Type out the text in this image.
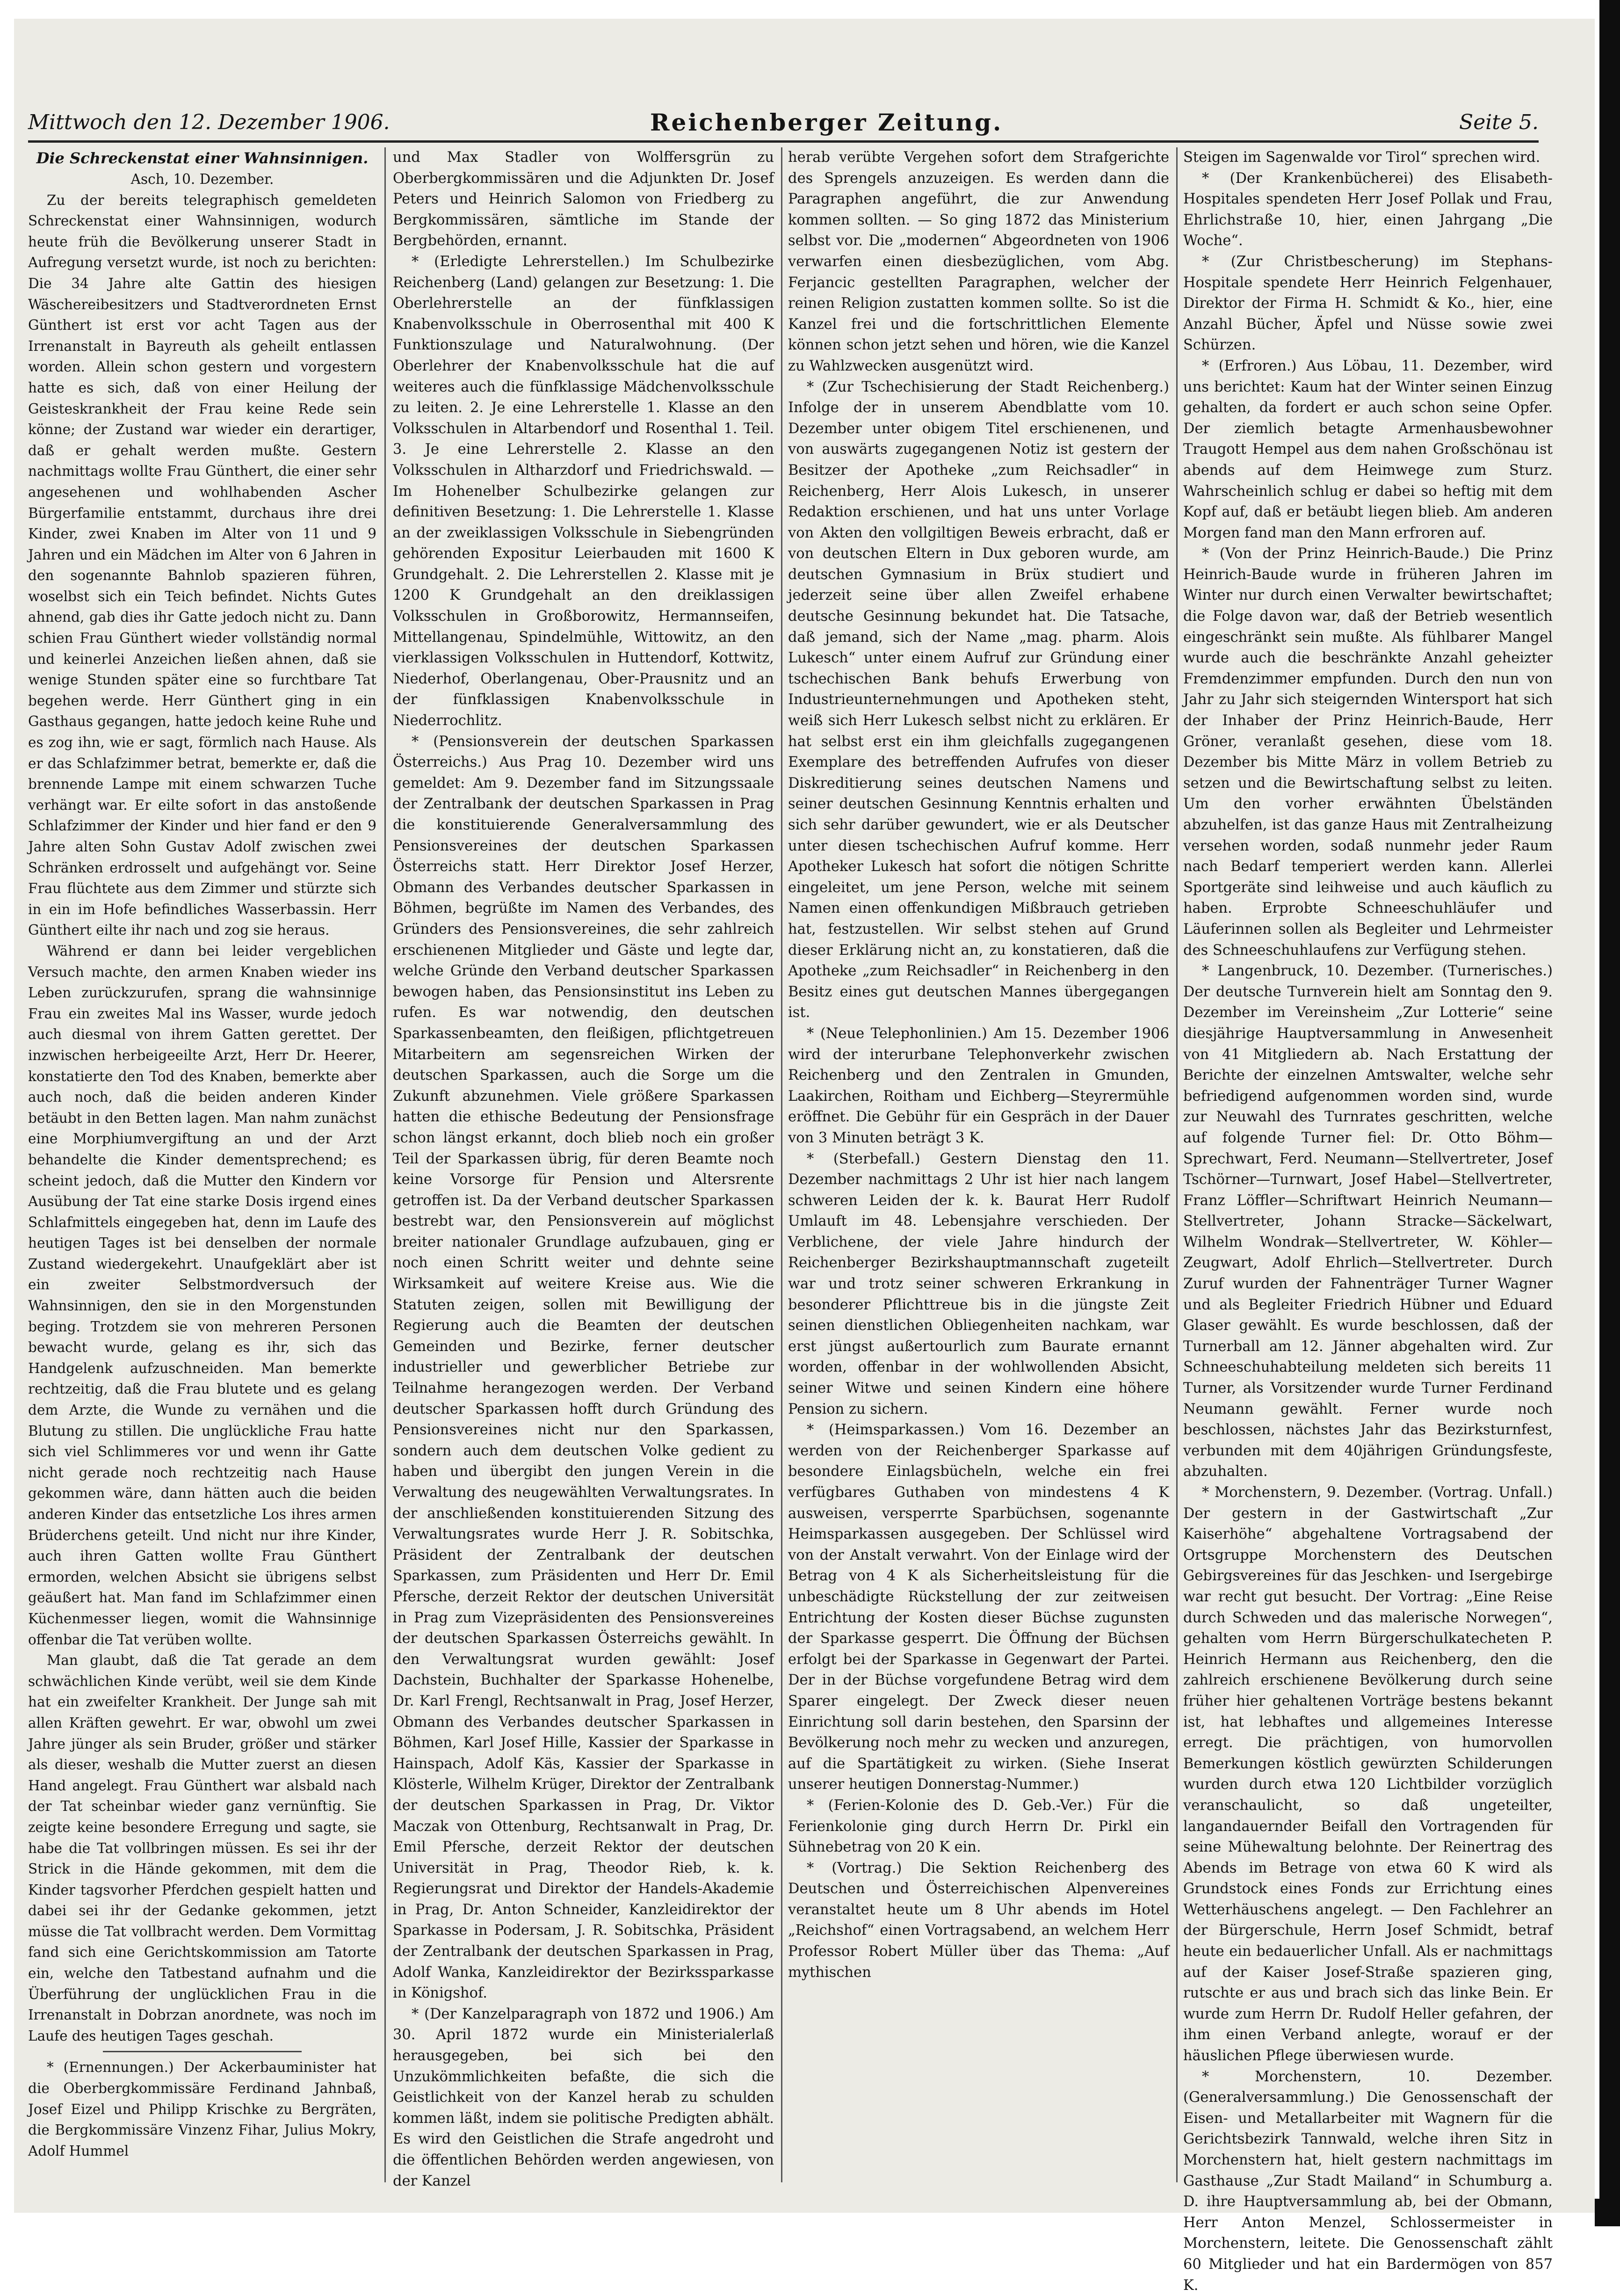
Mittwoch den 12. Dezember 1906.	Reichenberger Zeitung.	Seite 5.
Die Schreckenstat einer Wahnsinnigen.

Asch, 10. Dezember.

Zu der bereits telegraphisch gemeldeten Schreckenstat einer Wahnsinnigen, wodurch heute früh die Bevölkerung unserer Stadt in Aufregung versetzt wurde, ist noch zu berichten: Die 34 Jahre alte Gattin des hiesigen Wäschereibesitzers und Stadtverordneten Ernst Günthert ist erst vor acht Tagen aus der Irrenanstalt in Bayreuth als geheilt entlassen worden. Allein schon gestern und vorgestern hatte es sich, daß von einer Heilung der Geisteskrankheit der Frau keine Rede sein könne; der Zustand war wieder ein derartiger, daß er gehalt werden mußte. Gestern nachmittags wollte Frau Günthert, die einer sehr angesehenen und wohlhabenden Ascher Bürgerfamilie entstammt, durchaus ihre drei Kinder, zwei Knaben im Alter von 11 und 9 Jahren und ein Mädchen im Alter von 6 Jahren in den sogenannte Bahnlob spazieren führen, woselbst sich ein Teich befindet. Nichts Gutes ahnend, gab dies ihr Gatte jedoch nicht zu. Dann schien Frau Günthert wieder vollständig normal und keinerlei Anzeichen ließen ahnen, daß sie wenige Stunden später eine so furchtbare Tat begehen werde. Herr Günthert ging in ein Gasthaus gegangen, hatte jedoch keine Ruhe und es zog ihn, wie er sagt, förmlich nach Hause. Als er das Schlafzimmer betrat, bemerkte er, daß die brennende Lampe mit einem schwarzen Tuche verhängt war. Er eilte sofort in das anstoßende Schlafzimmer der Kinder und hier fand er den 9 Jahre alten Sohn Gustav Adolf zwischen zwei Schränken erdrosselt und aufgehängt vor. Seine Frau flüchtete aus dem Zimmer und stürzte sich in ein im Hofe befindliches Wasserbassin. Herr Günthert eilte ihr nach und zog sie heraus.

Während er dann bei leider vergeblichen Versuch machte, den armen Knaben wieder ins Leben zurückzurufen, sprang die wahnsinnige Frau ein zweites Mal ins Wasser, wurde jedoch auch diesmal von ihrem Gatten gerettet. Der inzwischen herbeigeeilte Arzt, Herr Dr. Heerer, konstatierte den Tod des Knaben, bemerkte aber auch noch, daß die beiden anderen Kinder betäubt in den Betten lagen. Man nahm zunächst eine Morphiumvergiftung an und der Arzt behandelte die Kinder dementsprechend; es scheint jedoch, daß die Mutter den Kindern vor Ausübung der Tat eine starke Dosis irgend eines Schlafmittels eingegeben hat, denn im Laufe des heutigen Tages ist bei denselben der normale Zustand wiedergekehrt. Unaufgeklärt aber ist ein zweiter Selbstmordversuch der Wahnsinnigen, den sie in den Morgenstunden beging. Trotzdem sie von mehreren Personen bewacht wurde, gelang es ihr, sich das Handgelenk aufzuschneiden. Man bemerkte rechtzeitig, daß die Frau blutete und es gelang dem Arzte, die Wunde zu vernähen und die Blutung zu stillen. Die unglückliche Frau hatte sich viel Schlimmeres vor und wenn ihr Gatte nicht gerade noch rechtzeitig nach Hause gekommen wäre, dann hätten auch die beiden anderen Kinder das entsetzliche Los ihres armen Brüderchens geteilt. Und nicht nur ihre Kinder, auch ihren Gatten wollte Frau Günthert ermorden, welchen Absicht sie übrigens selbst geäußert hat. Man fand im Schlafzimmer einen Küchenmesser liegen, womit die Wahnsinnige offenbar die Tat verüben wollte.

Man glaubt, daß die Tat gerade an dem schwächlichen Kinde verübt, weil sie dem Kinde hat ein zweifelter Krankheit. Der Junge sah mit allen Kräften gewehrt. Er war, obwohl um zwei Jahre jünger als sein Bruder, größer und stärker als dieser, weshalb die Mutter zuerst an diesen Hand angelegt. Frau Günthert war alsbald nach der Tat scheinbar wieder ganz vernünftig. Sie zeigte keine besondere Erregung und sagte, sie habe die Tat vollbringen müssen. Es sei ihr der Strick in die Hände gekommen, mit dem die Kinder tagsvorher Pferdchen gespielt hatten und dabei sei ihr der Gedanke gekommen, jetzt müsse die Tat vollbracht werden. Dem Vormittag fand sich eine Gerichtskommission am Tatorte ein, welche den Tatbestand aufnahm und die Überführung der unglücklichen Frau in die Irrenanstalt in Dobrzan anordnete, was noch im Laufe des heutigen Tages geschah.

* (Ernennungen.) Der Ackerbauminister hat die Oberbergkommissäre Ferdinand Jahnbaß, Josef Eizel und Philipp Krischke zu Bergräten, die Bergkommissäre Vinzenz Fihar, Julius Mokry, Adolf Hummel

und Max Stadler von Wolffersgrün zu Oberbergkommissären und die Adjunkten Dr. Josef Peters und Heinrich Salomon von Friedberg zu Bergkommissären, sämtliche im Stande der Bergbehörden, ernannt.

* (Erledigte Lehrerstellen.) Im Schulbezirke Reichenberg (Land) gelangen zur Besetzung: 1. Die Oberlehrerstelle an der fünfklassigen Knabenvolksschule in Oberrosenthal mit 400 K Funktionszulage und Naturalwohnung. (Der Oberlehrer der Knabenvolksschule hat die auf weiteres auch die fünfklassige Mädchenvolksschule zu leiten. 2. Je eine Lehrerstelle 1. Klasse an den Volksschulen in Altarbendorf und Rosenthal 1. Teil. 3. Je eine Lehrerstelle 2. Klasse an den Volksschulen in Altharzdorf und Friedrichswald. — Im Hohenelber Schulbezirke gelangen zur definitiven Besetzung: 1. Die Lehrerstelle 1. Klasse an der zweiklassigen Volksschule in Siebengründen gehörenden Expositur Leierbauden mit 1600 K Grundgehalt. 2. Die Lehrerstellen 2. Klasse mit je 1200 K Grundgehalt an den dreiklassigen Volksschulen in Großborowitz, Hermannseifen, Mittellangenau, Spindelmühle, Wittowitz, an den vierklassigen Volksschulen in Huttendorf, Kottwitz, Niederhof, Oberlangenau, Ober-Prausnitz und an der fünfklassigen Knabenvolksschule in Niederrochlitz.

* (Pensionsverein der deutschen Sparkassen Österreichs.) Aus Prag 10. Dezember wird uns gemeldet: Am 9. Dezember fand im Sitzungssaale der Zentralbank der deutschen Sparkassen in Prag die konstituierende Generalversammlung des Pensionsvereines der deutschen Sparkassen Österreichs statt. Herr Direktor Josef Herzer, Obmann des Verbandes deutscher Sparkassen in Böhmen, begrüßte im Namen des Verbandes, des Gründers des Pensionsvereines, die sehr zahlreich erschienenen Mitglieder und Gäste und legte dar, welche Gründe den Verband deutscher Sparkassen bewogen haben, das Pensionsinstitut ins Leben zu rufen. Es war notwendig, den deutschen Sparkassenbeamten, den fleißigen, pflichtgetreuen Mitarbeitern am segensreichen Wirken der deutschen Sparkassen, auch die Sorge um die Zukunft abzunehmen. Viele größere Sparkassen hatten die ethische Bedeutung der Pensionsfrage schon längst erkannt, doch blieb noch ein großer Teil der Sparkassen übrig, für deren Beamte noch keine Vorsorge für Pension und Altersrente getroffen ist. Da der Verband deutscher Sparkassen bestrebt war, den Pensionsverein auf möglichst breiter nationaler Grundlage aufzubauen, ging er noch einen Schritt weiter und dehnte seine Wirksamkeit auf weitere Kreise aus. Wie die Statuten zeigen, sollen mit Bewilligung der Regierung auch die Beamten der deutschen Gemeinden und Bezirke, ferner deutscher industrieller und gewerblicher Betriebe zur Teilnahme herangezogen werden. Der Verband deutscher Sparkassen hofft durch Gründung des Pensionsvereines nicht nur den Sparkassen, sondern auch dem deutschen Volke gedient zu haben und übergibt den jungen Verein in die Verwaltung des neugewählten Verwaltungsrates. In der anschließenden konstituierenden Sitzung des Verwaltungsrates wurde Herr J. R. Sobitschka, Präsident der Zentralbank der deutschen Sparkassen, zum Präsidenten und Herr Dr. Emil Pfersche, derzeit Rektor der deutschen Universität in Prag zum Vizepräsidenten des Pensionsvereines der deutschen Sparkassen Österreichs gewählt. In den Verwaltungsrat wurden gewählt: Josef Dachstein, Buchhalter der Sparkasse Hohenelbe, Dr. Karl Frengl, Rechtsanwalt in Prag, Josef Herzer, Obmann des Verbandes deutscher Sparkassen in Böhmen, Karl Josef Hille, Kassier der Sparkasse in Hainspach, Adolf Käs, Kassier der Sparkasse in Klösterle, Wilhelm Krüger, Direktor der Zentralbank der deutschen Sparkassen in Prag, Dr. Viktor Maczak von Ottenburg, Rechtsanwalt in Prag, Dr. Emil Pfersche, derzeit Rektor der deutschen Universität in Prag, Theodor Rieb, k. k. Regierungsrat und Direktor der Handels-Akademie in Prag, Dr. Anton Schneider, Kanzleidirektor der Sparkasse in Podersam, J. R. Sobitschka, Präsident der Zentralbank der deutschen Sparkassen in Prag, Adolf Wanka, Kanzleidirektor der Bezirkssparkasse in Königshof.

* (Der Kanzelparagraph von 1872 und 1906.) Am 30. April 1872 wurde ein Ministerialerlaß herausgegeben, bei sich bei den Unzukömmlichkeiten befaßte, die sich die Geistlichkeit von der Kanzel herab zu schulden kommen läßt, indem sie politische Predigten abhält. Es wird den Geistlichen die Strafe angedroht und die öffentlichen Behörden werden angewiesen, von der Kanzel

herab verübte Vergehen sofort dem Strafgerichte des Sprengels anzuzeigen. Es werden dann die Paragraphen angeführt, die zur Anwendung kommen sollten. — So ging 1872 das Ministerium selbst vor. Die „modernen“ Abgeordneten von 1906 verwarfen einen diesbezüglichen, vom Abg. Ferjancic gestellten Paragraphen, welcher der reinen Religion zustatten kommen sollte. So ist die Kanzel frei und die fortschrittlichen Elemente können schon jetzt sehen und hören, wie die Kanzel zu Wahlzwecken ausgenützt wird.

* (Zur Tschechisierung der Stadt Reichenberg.) Infolge der in unserem Abendblatte vom 10. Dezember unter obigem Titel erschienenen, und von auswärts zugegangenen Notiz ist gestern der Besitzer der Apotheke „zum Reichsadler“ in Reichenberg, Herr Alois Lukesch, in unserer Redaktion erschienen, und hat uns unter Vorlage von Akten den vollgiltigen Beweis erbracht, daß er von deutschen Eltern in Dux geboren wurde, am deutschen Gymnasium in Brüx studiert und jederzeit seine über allen Zweifel erhabene deutsche Gesinnung bekundet hat. Die Tatsache, daß jemand, sich der Name „mag. pharm. Alois Lukesch“ unter einem Aufruf zur Gründung einer tschechischen Bank behufs Erwerbung von Industrieunternehmungen und Apotheken steht, weiß sich Herr Lukesch selbst nicht zu erklären. Er hat selbst erst ein ihm gleichfalls zugegangenen Exemplare des betreffenden Aufrufes von dieser Diskreditierung seines deutschen Namens und seiner deutschen Gesinnung Kenntnis erhalten und sich sehr darüber gewundert, wie er als Deutscher unter diesen tschechischen Aufruf komme. Herr Apotheker Lukesch hat sofort die nötigen Schritte eingeleitet, um jene Person, welche mit seinem Namen einen offenkundigen Mißbrauch getrieben hat, festzustellen. Wir selbst stehen auf Grund dieser Erklärung nicht an, zu konstatieren, daß die Apotheke „zum Reichsadler“ in Reichenberg in den Besitz eines gut deutschen Mannes übergegangen ist.

* (Neue Telephonlinien.) Am 15. Dezember 1906 wird der interurbane Telephonverkehr zwischen Reichenberg und den Zentralen in Gmunden, Laakirchen, Roitham und Eichberg—Steyrermühle eröffnet. Die Gebühr für ein Gespräch in der Dauer von 3 Minuten beträgt 3 K.

* (Sterbefall.) Gestern Dienstag den 11. Dezember nachmittags 2 Uhr ist hier nach langem schweren Leiden der k. k. Baurat Herr Rudolf Umlauft im 48. Lebensjahre verschieden. Der Verblichene, der viele Jahre hindurch der Reichenberger Bezirkshauptmannschaft zugeteilt war und trotz seiner schweren Erkrankung in besonderer Pflichttreue bis in die jüngste Zeit seinen dienstlichen Obliegenheiten nachkam, war erst jüngst außertourlich zum Baurate ernannt worden, offenbar in der wohlwollenden Absicht, seiner Witwe und seinen Kindern eine höhere Pension zu sichern.

* (Heimsparkassen.) Vom 16. Dezember an werden von der Reichenberger Sparkasse auf besondere Einlagsbücheln, welche ein frei verfügbares Guthaben von mindestens 4 K ausweisen, versperrte Sparbüchsen, sogenannte Heimsparkassen ausgegeben. Der Schlüssel wird von der Anstalt verwahrt. Von der Einlage wird der Betrag von 4 K als Sicherheitsleistung für die unbeschädigte Rückstellung der zur zeitweisen Entrichtung der Kosten dieser Büchse zugunsten der Sparkasse gesperrt. Die Öffnung der Büchsen erfolgt bei der Sparkasse in Gegenwart der Partei. Der in der Büchse vorgefundene Betrag wird dem Sparer eingelegt. Der Zweck dieser neuen Einrichtung soll darin bestehen, den Sparsinn der Bevölkerung noch mehr zu wecken und anzuregen, auf die Spartätigkeit zu wirken. (Siehe Inserat unserer heutigen Donnerstag-Nummer.)

* (Ferien-Kolonie des D. Geb.-Ver.) Für die Ferienkolonie ging durch Herrn Dr. Pirkl ein Sühnebetrag von 20 K ein.

* (Vortrag.) Die Sektion Reichenberg des Deutschen und Österreichischen Alpenvereines veranstaltet heute um 8 Uhr abends im Hotel „Reichshof“ einen Vortragsabend, an welchem Herr Professor Robert Müller über das Thema: „Auf mythischen

Steigen im Sagenwalde vor Tirol“ sprechen wird.

* (Der Krankenbücherei) des Elisabeth-Hospitales spendeten Herr Josef Pollak und Frau, Ehrlichstraße 10, hier, einen Jahrgang „Die Woche“.

* (Zur Christbescherung) im Stephans-Hospitale spendete Herr Heinrich Felgenhauer, Direktor der Firma H. Schmidt & Ko., hier, eine Anzahl Bücher, Äpfel und Nüsse sowie zwei Schürzen.

* (Erfroren.) Aus Löbau, 11. Dezember, wird uns berichtet: Kaum hat der Winter seinen Einzug gehalten, da fordert er auch schon seine Opfer. Der ziemlich betagte Armenhausbewohner Traugott Hempel aus dem nahen Großschönau ist abends auf dem Heimwege zum Sturz. Wahrscheinlich schlug er dabei so heftig mit dem Kopf auf, daß er betäubt liegen blieb. Am anderen Morgen fand man den Mann erfroren auf.

* (Von der Prinz Heinrich-Baude.) Die Prinz Heinrich-Baude wurde in früheren Jahren im Winter nur durch einen Verwalter bewirtschaftet; die Folge davon war, daß der Betrieb wesentlich eingeschränkt sein mußte. Als fühlbarer Mangel wurde auch die beschränkte Anzahl geheizter Fremdenzimmer empfunden. Durch den nun von Jahr zu Jahr sich steigernden Wintersport hat sich der Inhaber der Prinz Heinrich-Baude, Herr Gröner, veranlaßt gesehen, diese vom 18. Dezember bis Mitte März in vollem Betrieb zu setzen und die Bewirtschaftung selbst zu leiten. Um den vorher erwähnten Übelständen abzuhelfen, ist das ganze Haus mit Zentralheizung versehen worden, sodaß nunmehr jeder Raum nach Bedarf temperiert werden kann. Allerlei Sportgeräte sind leihweise und auch käuflich zu haben. Erprobte Schneeschuhläufer und Läuferinnen sollen als Begleiter und Lehrmeister des Schneeschuhlaufens zur Verfügung stehen.

* Langenbruck, 10. Dezember. (Turnerisches.) Der deutsche Turnverein hielt am Sonntag den 9. Dezember im Vereinsheim „Zur Lotterie“ seine diesjährige Hauptversammlung in Anwesenheit von 41 Mitgliedern ab. Nach Erstattung der Berichte der einzelnen Amtswalter, welche sehr befriedigend aufgenommen worden sind, wurde zur Neuwahl des Turnrates geschritten, welche auf folgende Turner fiel: Dr. Otto Böhm—Sprechwart, Ferd. Neumann—Stellvertreter, Josef Tschörner—Turnwart, Josef Habel—Stellvertreter, Franz Löffler—Schriftwart Heinrich Neumann—Stellvertreter, Johann Stracke—Säckelwart, Wilhelm Wondrak—Stellvertreter, W. Köhler—Zeugwart, Adolf Ehrlich—Stellvertreter. Durch Zuruf wurden der Fahnenträger Turner Wagner und als Begleiter Friedrich Hübner und Eduard Glaser gewählt. Es wurde beschlossen, daß der Turnerball am 12. Jänner abgehalten wird. Zur Schneeschuhabteilung meldeten sich bereits 11 Turner, als Vorsitzender wurde Turner Ferdinand Neumann gewählt. Ferner wurde noch beschlossen, nächstes Jahr das Bezirksturnfest, verbunden mit dem 40jährigen Gründungsfeste, abzuhalten.

* Morchenstern, 9. Dezember. (Vortrag. Unfall.) Der gestern in der Gastwirtschaft „Zur Kaiserhöhe“ abgehaltene Vortragsabend der Ortsgruppe Morchenstern des Deutschen Gebirgsvereines für das Jeschken- und Isergebirge war recht gut besucht. Der Vortrag: „Eine Reise durch Schweden und das malerische Norwegen“, gehalten vom Herrn Bürgerschulkatecheten P. Heinrich Hermann aus Reichenberg, den die zahlreich erschienene Bevölkerung durch seine früher hier gehaltenen Vorträge bestens bekannt ist, hat lebhaftes und allgemeines Interesse erregt. Die prächtigen, von humorvollen Bemerkungen köstlich gewürzten Schilderungen wurden durch etwa 120 Lichtbilder vorzüglich veranschaulicht, so daß ungeteilter, langandauernder Beifall den Vortragenden für seine Mühewaltung belohnte. Der Reinertrag des Abends im Betrage von etwa 60 K wird als Grundstock eines Fonds zur Errichtung eines Wetterhäuschens angelegt. — Den Fachlehrer an der Bürgerschule, Herrn Josef Schmidt, betraf heute ein bedauerlicher Unfall. Als er nachmittags auf der Kaiser Josef-Straße spazieren ging, rutschte er aus und brach sich das linke Bein. Er wurde zum Herrn Dr. Rudolf Heller gefahren, der ihm einen Verband anlegte, worauf er der häuslichen Pflege überwiesen wurde.

* Morchenstern, 10. Dezember. (Generalversammlung.) Die Genossenschaft der Eisen- und Metallarbeiter mit Wagnern für die Gerichtsbezirk Tannwald, welche ihren Sitz in Morchenstern hat, hielt gestern nachmittags im Gasthause „Zur Stadt Mailand“ in Schumburg a. D. ihre Hauptversammlung ab, bei der Obmann, Herr Anton Menzel, Schlossermeister in Morchenstern, leitete. Die Genossenschaft zählt 60 Mitglieder und hat ein Bardermögen von 857 K.
